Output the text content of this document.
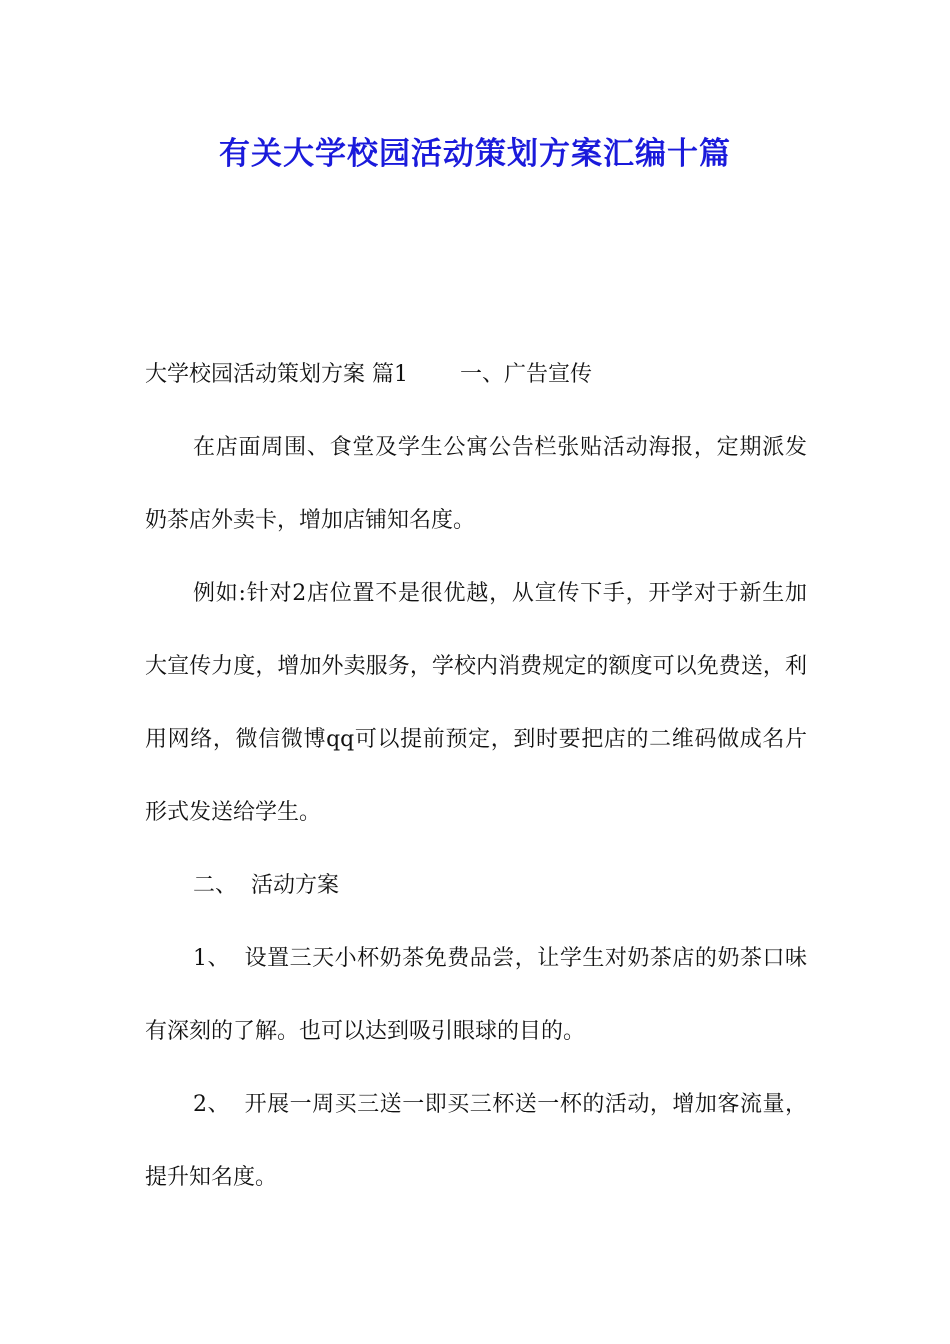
有关大学校园活动策划方案汇编十篇

大学校园活动策划方案 篇1 一、广告宣传

在店面周围、食堂及学生公寓公告栏张贴活动海报，定期派发奶茶店外卖卡，增加店铺知名度。

例如:针对2店位置不是很优越，从宣传下手，开学对于新生加大宣传力度，增加外卖服务，学校内消费规定的额度可以免费送，利用网络，微信微博qq可以提前预定，到时要把店的二维码做成名片形式发送给学生。

二、 活动方案

1、 设置三天小杯奶茶免费品尝，让学生对奶茶店的奶茶口味有深刻的了解。也可以达到吸引眼球的目的。

2、 开展一周买三送一即买三杯送一杯的活动，增加客流量，提升知名度。
